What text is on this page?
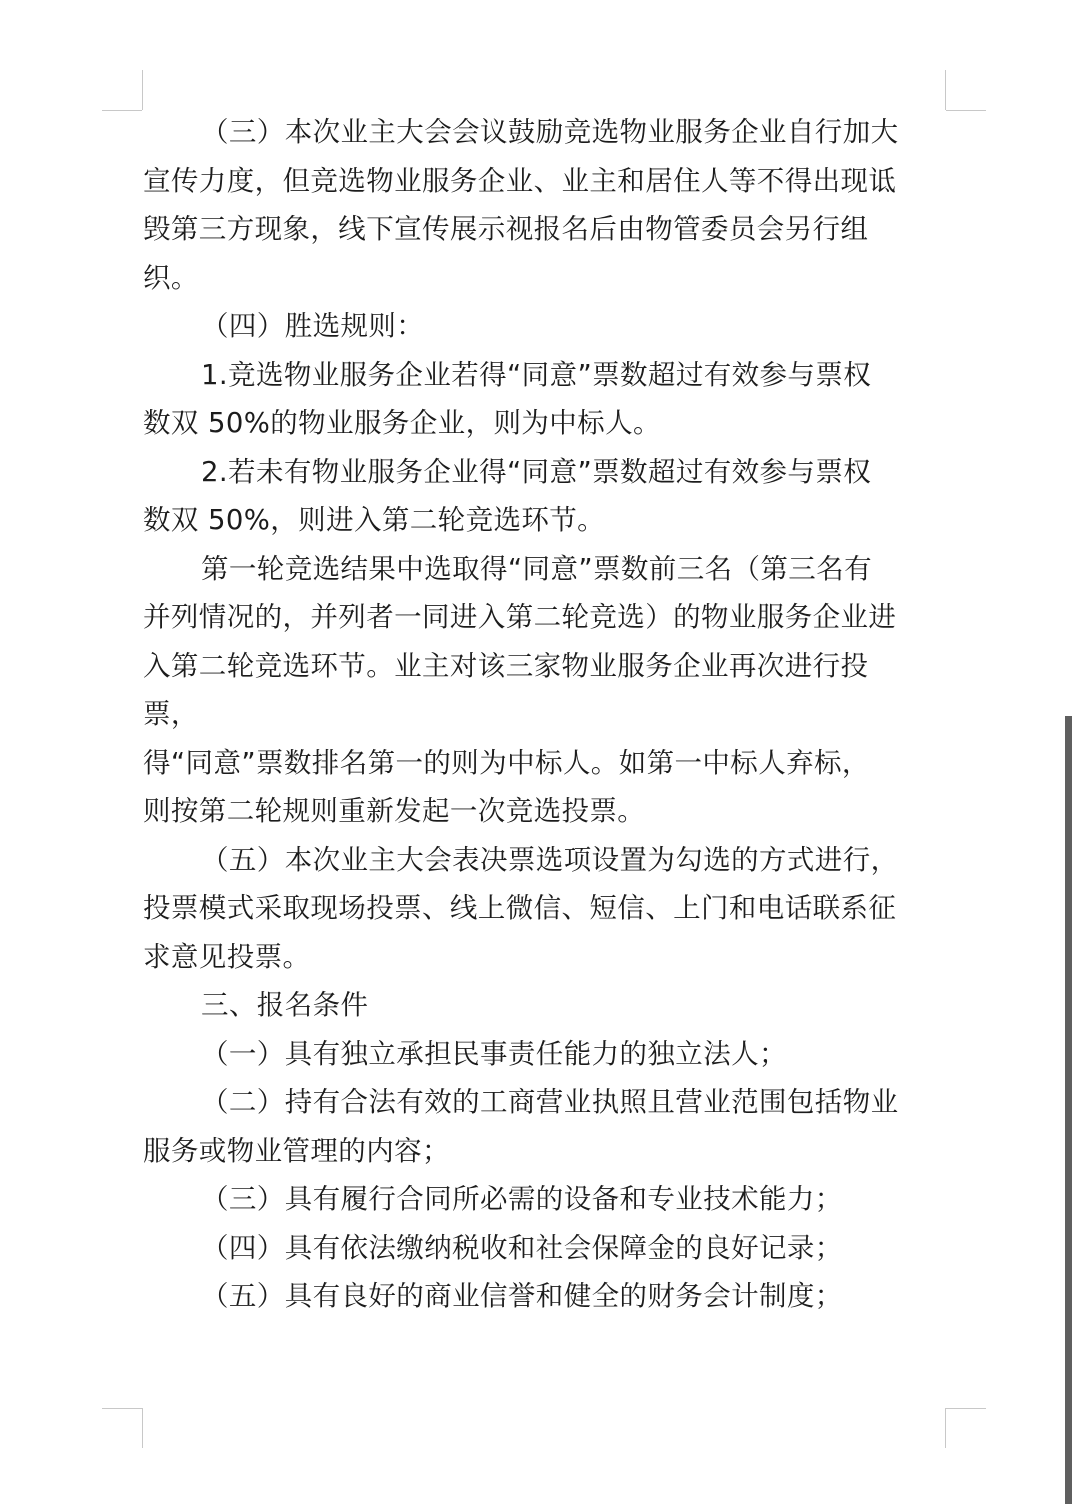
（三）本次业主大会会议鼓励竞选物业服务企业自行加大
宣传力度，但竞选物业服务企业、业主和居住人等不得出现诋
毁第三方现象，线下宣传展示视报名后由物管委员会另行组
织。
（四）胜选规则：
1.竞选物业服务企业若得“同意”票数超过有效参与票权
数双 50%的物业服务企业，则为中标人。
2.若未有物业服务企业得“同意”票数超过有效参与票权
数双 50%，则进入第二轮竞选环节。
第一轮竞选结果中选取得“同意”票数前三名（第三名有
并列情况的，并列者一同进入第二轮竞选）的物业服务企业进
入第二轮竞选环节。业主对该三家物业服务企业再次进行投
票，
得“同意”票数排名第一的则为中标人。如第一中标人弃标，
则按第二轮规则重新发起一次竞选投票。
（五）本次业主大会表决票选项设置为勾选的方式进行，
投票模式采取现场投票、线上微信、短信、上门和电话联系征
求意见投票。
三、报名条件
（一）具有独立承担民事责任能力的独立法人；
（二）持有合法有效的工商营业执照且营业范围包括物业
服务或物业管理的内容；
（三）具有履行合同所必需的设备和专业技术能力；
（四）具有依法缴纳税收和社会保障金的良好记录；
（五）具有良好的商业信誉和健全的财务会计制度；
